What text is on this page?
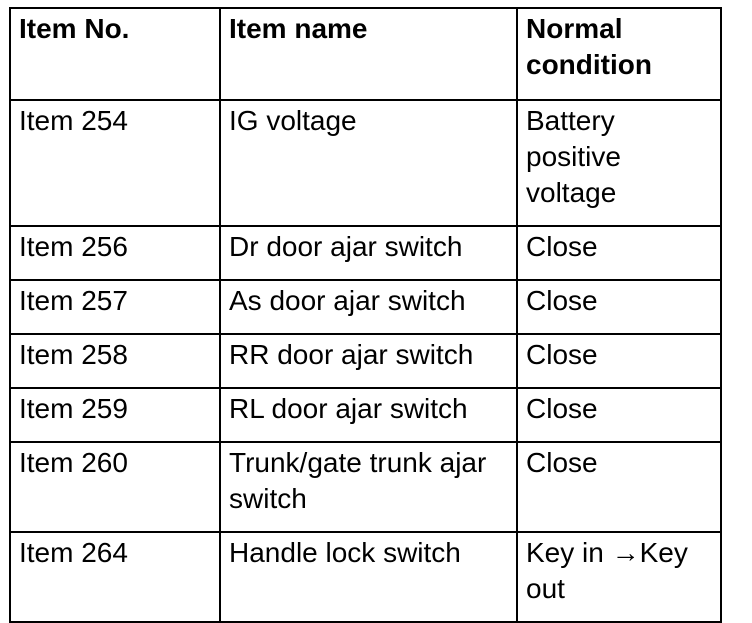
Item No.	Item name	Normal condition
Item 254	IG voltage	Battery positive voltage
Item 256	Dr door ajar switch	Close
Item 257	As door ajar switch	Close
Item 258	RR door ajar switch	Close
Item 259	RL door ajar switch	Close
Item 260	Trunk/gate trunk ajar switch	Close
Item 264	Handle lock switch	Key in →Key out
